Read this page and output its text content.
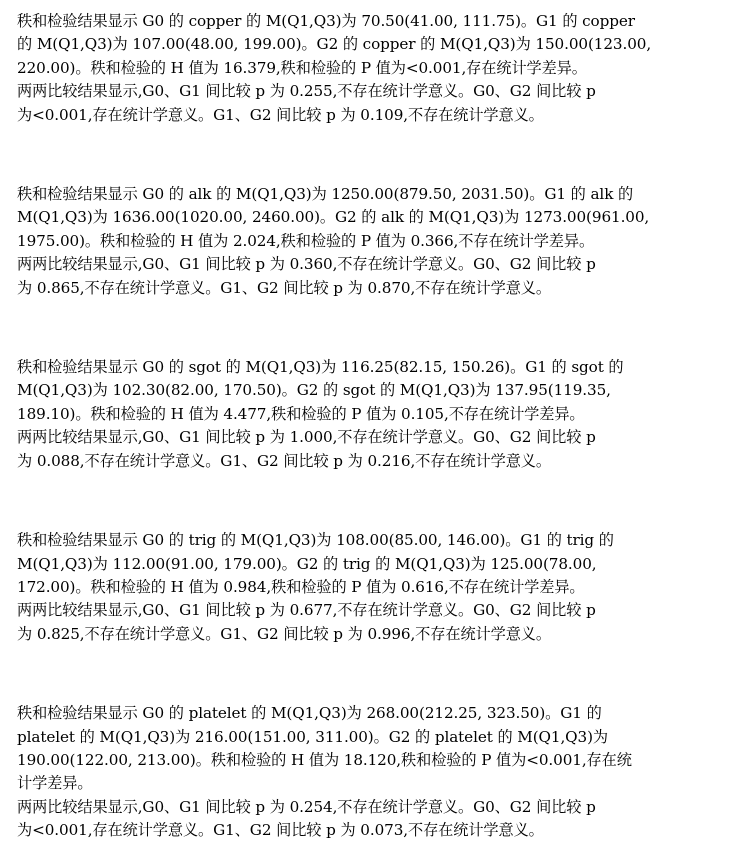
秩和检验结果显示 G0 的 copper 的 M(Q1,Q3)为 70.50(41.00, 111.75)。G1 的 copper
的 M(Q1,Q3)为 107.00(48.00, 199.00)。G2 的 copper 的 M(Q1,Q3)为 150.00(123.00,
220.00)。秩和检验的 H 值为 16.379,秩和检验的 P 值为<0.001,存在统计学差异。
两两比较结果显示,G0、G1 间比较 p 为 0.255,不存在统计学意义。G0、G2 间比较 p
为<0.001,存在统计学意义。G1、G2 间比较 p 为 0.109,不存在统计学意义。
秩和检验结果显示 G0 的 alk 的 M(Q1,Q3)为 1250.00(879.50, 2031.50)。G1 的 alk 的
M(Q1,Q3)为 1636.00(1020.00, 2460.00)。G2 的 alk 的 M(Q1,Q3)为 1273.00(961.00,
1975.00)。秩和检验的 H 值为 2.024,秩和检验的 P 值为 0.366,不存在统计学差异。
两两比较结果显示,G0、G1 间比较 p 为 0.360,不存在统计学意义。G0、G2 间比较 p
为 0.865,不存在统计学意义。G1、G2 间比较 p 为 0.870,不存在统计学意义。
秩和检验结果显示 G0 的 sgot 的 M(Q1,Q3)为 116.25(82.15, 150.26)。G1 的 sgot 的
M(Q1,Q3)为 102.30(82.00, 170.50)。G2 的 sgot 的 M(Q1,Q3)为 137.95(119.35,
189.10)。秩和检验的 H 值为 4.477,秩和检验的 P 值为 0.105,不存在统计学差异。
两两比较结果显示,G0、G1 间比较 p 为 1.000,不存在统计学意义。G0、G2 间比较 p
为 0.088,不存在统计学意义。G1、G2 间比较 p 为 0.216,不存在统计学意义。
秩和检验结果显示 G0 的 trig 的 M(Q1,Q3)为 108.00(85.00, 146.00)。G1 的 trig 的
M(Q1,Q3)为 112.00(91.00, 179.00)。G2 的 trig 的 M(Q1,Q3)为 125.00(78.00,
172.00)。秩和检验的 H 值为 0.984,秩和检验的 P 值为 0.616,不存在统计学差异。
两两比较结果显示,G0、G1 间比较 p 为 0.677,不存在统计学意义。G0、G2 间比较 p
为 0.825,不存在统计学意义。G1、G2 间比较 p 为 0.996,不存在统计学意义。
秩和检验结果显示 G0 的 platelet 的 M(Q1,Q3)为 268.00(212.25, 323.50)。G1 的
platelet 的 M(Q1,Q3)为 216.00(151.00, 311.00)。G2 的 platelet 的 M(Q1,Q3)为
190.00(122.00, 213.00)。秩和检验的 H 值为 18.120,秩和检验的 P 值为<0.001,存在统
计学差异。
两两比较结果显示,G0、G1 间比较 p 为 0.254,不存在统计学意义。G0、G2 间比较 p
为<0.001,存在统计学意义。G1、G2 间比较 p 为 0.073,不存在统计学意义。
